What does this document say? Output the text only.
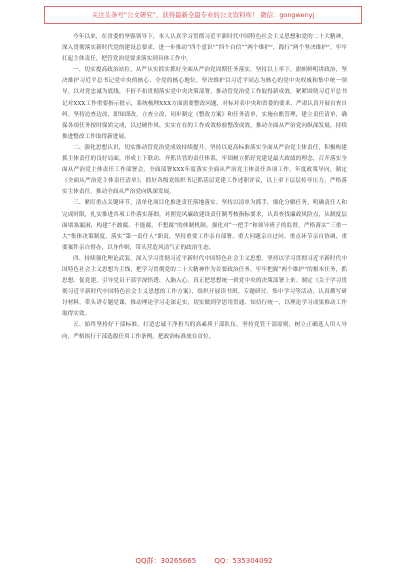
关注头条号“公文研究”，获得最新全最专业的公文资料库！ 微信：gongwenyj

今年以来，在省委的坚强领导下，本人认真学习贯彻习近平新时代中国特色社会主义思想和党的二十大精神，深入贯彻落实新时代党的建设总要求，进一步推动“四个意识”“四个自信”“两个维护”，践行“两个坚决维护”，牢牢扛起主体责任，把管党治党要求落实到具体工作中。

一、切实提高政治站位，从严从实抓实抓好全面从严治党周期任务落实。坚持以上率下，旗帜鲜明讲政治，坚决维护习近平总书记党中央的核心、全党的核心地位，坚决维护以习近平同志为核心的党中央权威和集中统一领导。以对党忠诚为底线，不折不扣贯彻落实党中央决策部署，推动管党治党工作取得新成效，紧紧围绕习近平总书记对XXX工作重要指示批示，系统梳理XXX方面需要整改问题，对标对表中央和省委的要求，严肃认真开展自查自纠。坚持边查边改，即知即改，立查立改，同步制定《整改方案》和任务清单，实施台账管理，建立责任清单，确保各项任务按时保质完成，以过硬作风、实实在在的工作成效检验整改成效，推动全面从严治党向纵深发展，持续推进整改工作取得新进展。

二、强化思想认识，切实推动管党治党成效持续提升。坚持以更高标准落实全面从严治党主体责任，积极构建抓主体责任的良好局面，形成上下联动、齐抓共管的责任体系，牢固树立抓好党建是最大政绩的理念，召开落实全面从严治党主体责任工作部署会，全面部署XXX年度落实全面从严治党主体责任各项工作，年度政策导向，制定《全面从严治党主体责任清单》，抓好各级党组织书记抓基层党建工作述职评议，以上率下层层传导压力，严格落实主体责任，推动全面从严治党向纵深发展。

三、紧盯重点关键环节，清单化项目化推进责任落地落实。坚持以清单为抓手，细化分解任务，明确责任人和完成时限，扎实推进各项工作落实落细。对照党风廉政建设责任制考核指标要求，认真查找廉政风险点，从制度层面堵塞漏洞，构建“不敢腐、不能腐、不想腐”的体制机制。强化对“一把手”和领导班子的监督，严格落实“三重一大”集体决策制度，落实“第一责任人”职责，坚持重要工作亲自部署、重大问题亲自过问、重点环节亲自协调、重要案件亲自督办，以身作则，带头营造风清气正的政治生态。

四、持续强化理论武装，深入学习贯彻习近平新时代中国特色社会主义思想。坚持以学习贯彻习近平新时代中国特色社会主义思想为主线，把学习贯彻党的二十大精神作为首要政治任务，牢牢把握“两个维护”的根本任务，抓思想、促党建，引导党员干部学深悟透、入脑入心，真正把思想统一到党中央的决策部署上来。制定《关于学习贯彻习近平新时代中国特色社会主义思想的工作方案》，组织开展读书班、专题研讨、集中学习等活动，认真撰写研讨材料，带头讲专题党课，推动理论学习走深走实，切实做到学思用贯通、知信行统一，以理论学习成果推动工作取得实效。

五、始终坚持好干部标准，打造忠诚干净担当的高素质干部队伍。坚持党管干部原则，树立正确选人用人导向，严格执行干部选拔任用工作条例，把政治标准放在首位。

QQ群：30265665	QQ：535304092
